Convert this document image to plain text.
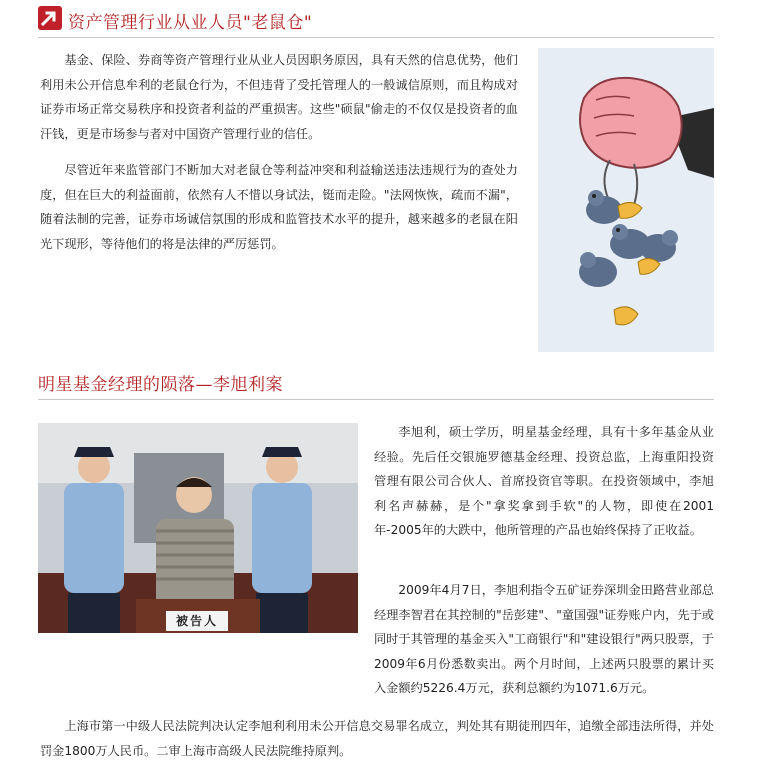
资产管理行业从业人员"老鼠仓"

基金、保险、券商等资产管理行业从业人员因职务原因，具有天然的信息优势，他们利用未公开信息牟利的老鼠仓行为，不但违背了受托管理人的一般诚信原则，而且构成对证券市场正常交易秩序和投资者利益的严重损害。这些"硕鼠"偷走的不仅仅是投资者的血汗钱，更是市场参与者对中国资产管理行业的信任。

尽管近年来监管部门不断加大对老鼠仓等利益冲突和利益输送违法违规行为的查处力度，但在巨大的利益面前，依然有人不惜以身试法，铤而走险。"法网恢恢，疏而不漏"，随着法制的完善，证券市场诚信氛围的形成和监管技术水平的提升，越来越多的老鼠在阳光下现形，等待他们的将是法律的严厉惩罚。

明星基金经理的陨落—李旭利案
被告人

李旭利，硕士学历，明星基金经理，具有十多年基金从业经验。先后任交银施罗德基金经理、投资总监，上海重阳投资管理有限公司合伙人、首席投资官等职。在投资领域中，李旭利名声赫赫，是个"拿奖拿到手软"的人物，即使在2001年-2005年的大跌中，他所管理的产品也始终保持了正收益。

2009年4月7日，李旭利指令五矿证券深圳金田路营业部总经理李智君在其控制的"岳彭建"、"童国强"证券账户内，先于或同时于其管理的基金买入"工商银行"和"建设银行"两只股票，于2009年6月份悉数卖出。两个月时间，上述两只股票的累计买入金额约5226.4万元，获利总额约为1071.6万元。

上海市第一中级人民法院判决认定李旭利利用未公开信息交易罪名成立，判处其有期徒刑四年，追缴全部违法所得，并处罚金1800万人民币。二审上海市高级人民法院维持原判。
